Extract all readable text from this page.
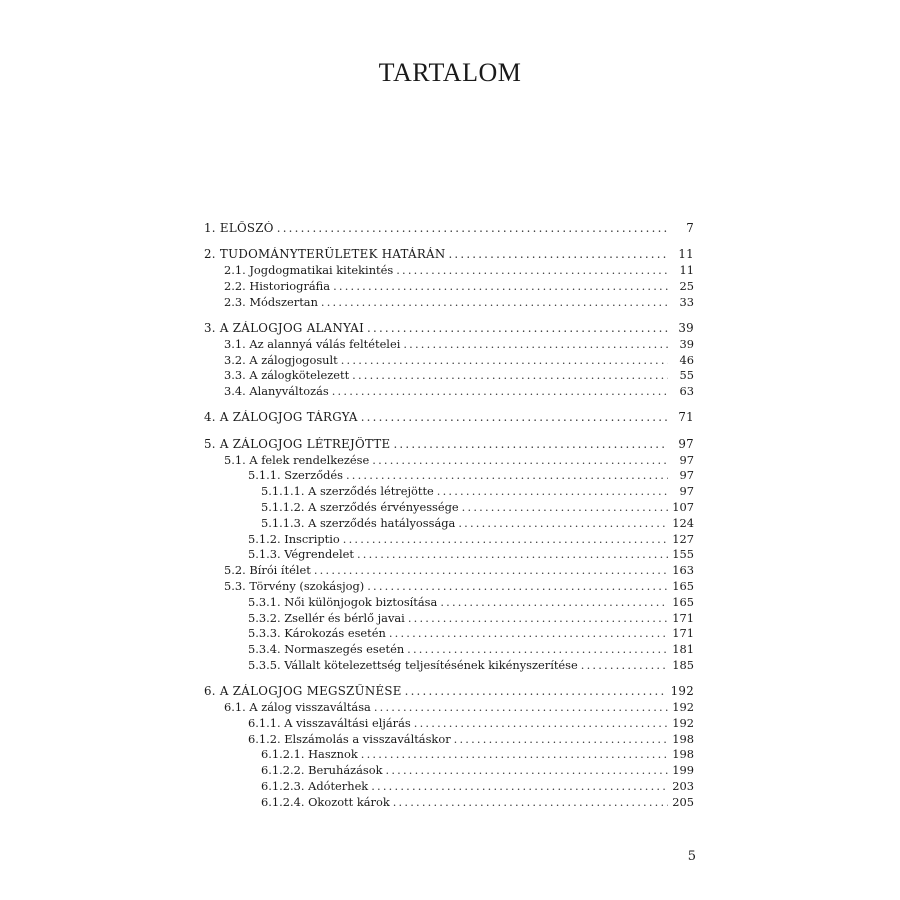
TARTALOM
1. ELŐSZÓ .....	7
2. TUDOMÁNYTERÜLETEK HATÁRÁN .....	11
2.1. Jogdogmatikai kitekintés .....	11
2.2. Historiográfia .....	25
2.3. Módszertan .....	33
3. A ZÁLOGJOG ALANYAI .....	39
3.1. Az alannyá válás feltételei .....	39
3.2. A zálogjogosult .....	46
3.3. A zálogkötelezett .....	55
3.4. Alanyváltozás .....	63
4. A ZÁLOGJOG TÁRGYA .....	71
5. A ZÁLOGJOG LÉTREJÖTTE .....	97
5.1. A felek rendelkezése .....	97
5.1.1. Szerződés .....	97
5.1.1.1. A szerződés létrejötte .....	97
5.1.1.2. A szerződés érvényessége .....	107
5.1.1.3. A szerződés hatályossága .....	124
5.1.2. Inscriptio .....	127
5.1.3. Végrendelet .....	155
5.2. Bírói ítélet .....	163
5.3. Törvény (szokásjog) .....	165
5.3.1. Női különjogok biztosítása .....	165
5.3.2. Zsellér és bérlő javai .....	171
5.3.3. Károkozás esetén .....	171
5.3.4. Normaszegés esetén .....	181
5.3.5. Vállalt kötelezettség teljesítésének kikényszerítése .....	185
6. A ZÁLOGJOG MEGSZŰNÉSE .....	192
6.1. A zálog visszaváltása .....	192
6.1.1. A visszaváltási eljárás .....	192
6.1.2. Elszámolás a visszaváltáskor .....	198
6.1.2.1. Hasznok .....	198
6.1.2.2. Beruházások .....	199
6.1.2.3. Adóterhek .....	203
6.1.2.4. Okozott károk .....	205
5
